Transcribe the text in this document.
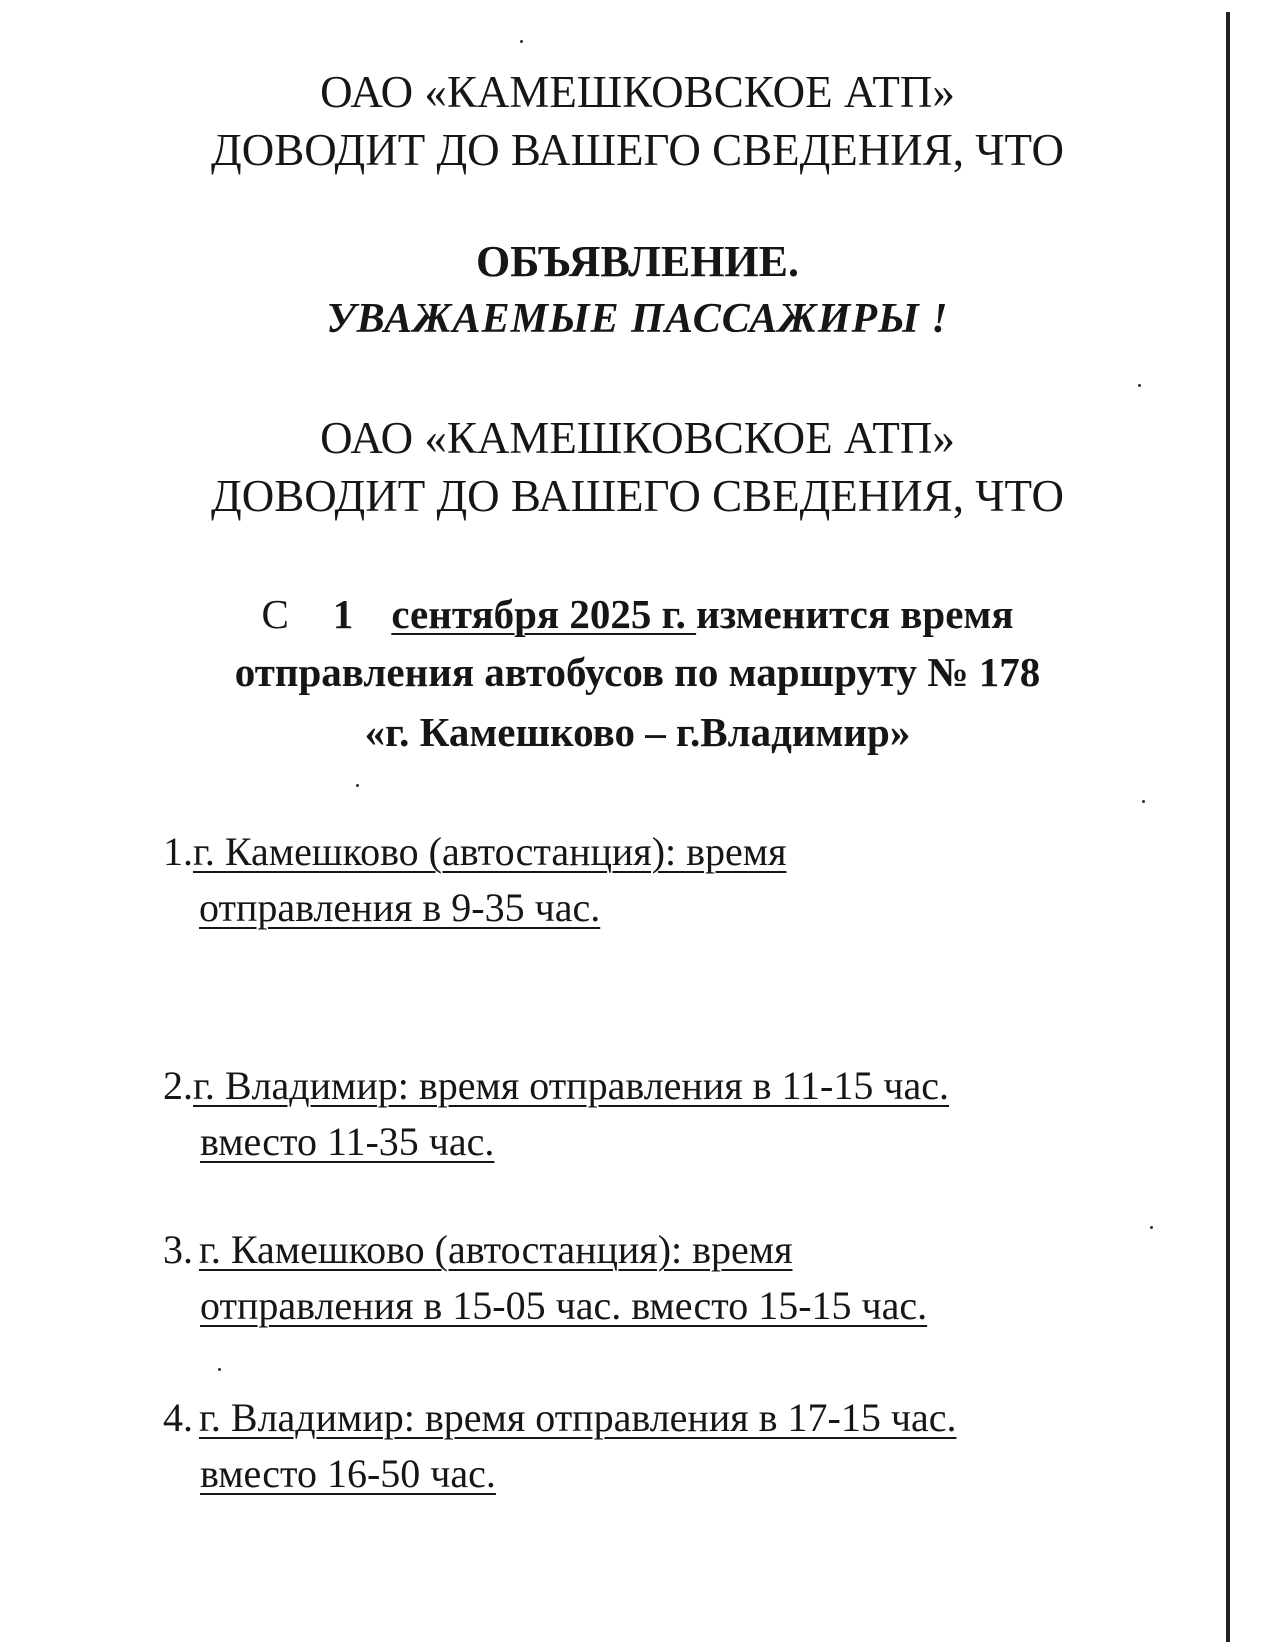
ОАО «КАМЕШКОВСКОЕ АТП»
ДОВОДИТ ДО ВАШЕГО СВЕДЕНИЯ, ЧТО
ОБЪЯВЛЕНИЕ.
УВАЖАЕМЫЕ ПАССАЖИРЫ !
ОАО «КАМЕШКОВСКОЕ АТП»
ДОВОДИТ ДО ВАШЕГО СВЕДЕНИЯ, ЧТО
С 1 сентября 2025 г. изменится время
отправления автобусов по маршруту № 178
«г. Камешково – г.Владимир»
1. г. Камешково (автостанция): время
отправления в 9-35 час.
2. г. Владимир: время отправления в 11-15 час.
вместо 11-35 час.
3. г. Камешково (автостанция): время
отправления в 15-05 час. вместо 15-15 час.
4. г. Владимир: время отправления в 17-15 час.
вместо 16-50 час.
